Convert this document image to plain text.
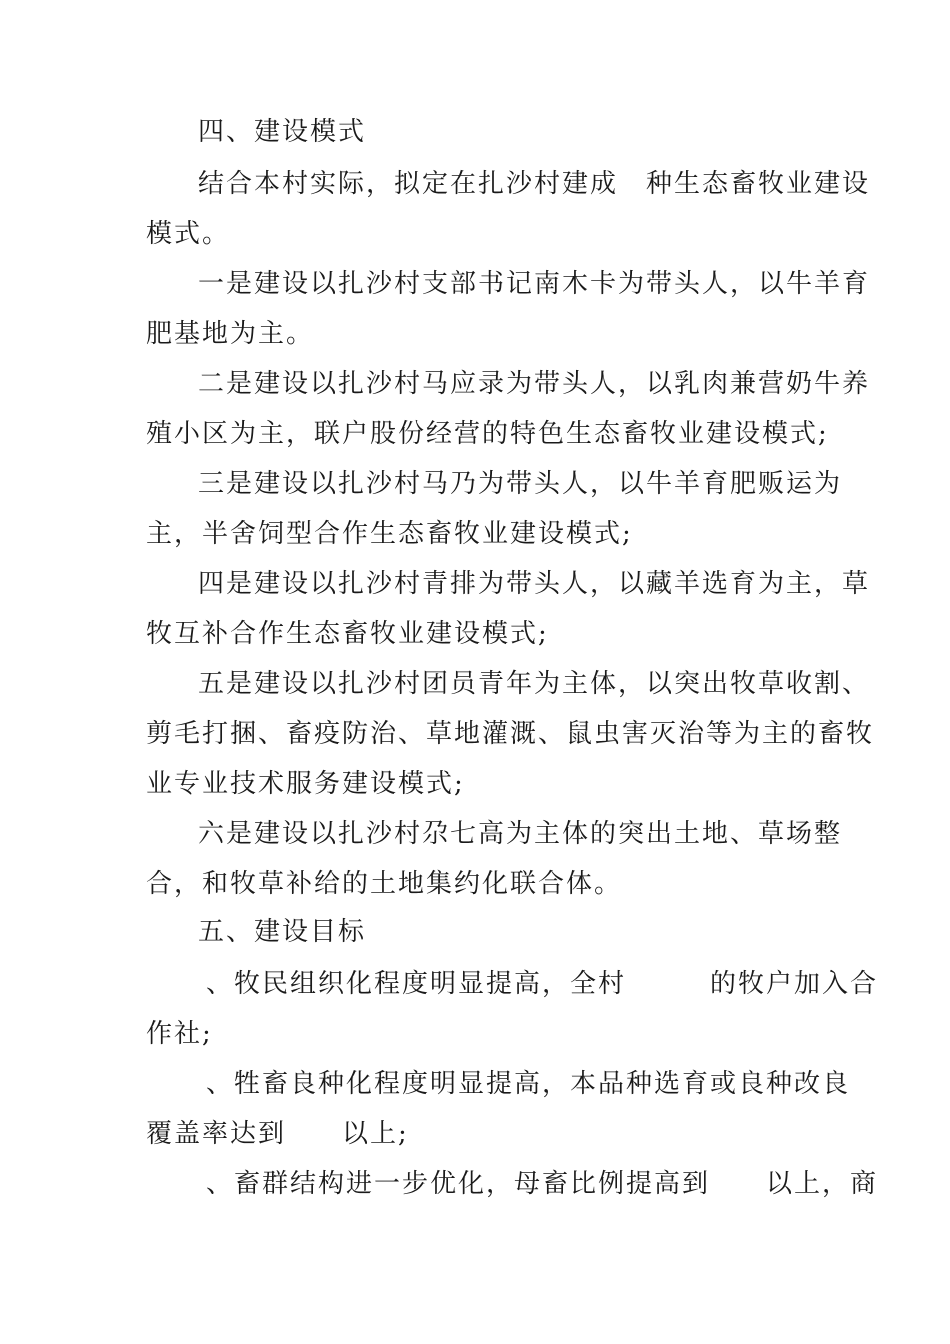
四、建设模式
结合本村实际，拟定在扎沙村建成　种生态畜牧业建设
模式。
一是建设以扎沙村支部书记南木卡为带头人，以牛羊育
肥基地为主。
二是建设以扎沙村马应录为带头人，以乳肉兼营奶牛养
殖小区为主，联户股份经营的特色生态畜牧业建设模式;
三是建设以扎沙村马乃为带头人，以牛羊育肥贩运为
主，半舍饲型合作生态畜牧业建设模式;
四是建设以扎沙村青排为带头人，以藏羊选育为主，草
牧互补合作生态畜牧业建设模式;
五是建设以扎沙村团员青年为主体，以突出牧草收割、
剪毛打捆、畜疫防治、草地灌溉、鼠虫害灭治等为主的畜牧
业专业技术服务建设模式;
六是建设以扎沙村尕七高为主体的突出土地、草场整
合，和牧草补给的土地集约化联合体。
五、建设目标
、牧民组织化程度明显提高，全村　　　的牧户加入合
作社;
、牲畜良种化程度明显提高，本品种选育或良种改良
覆盖率达到　　以上;
、畜群结构进一步优化，母畜比例提高到　　以上，商
